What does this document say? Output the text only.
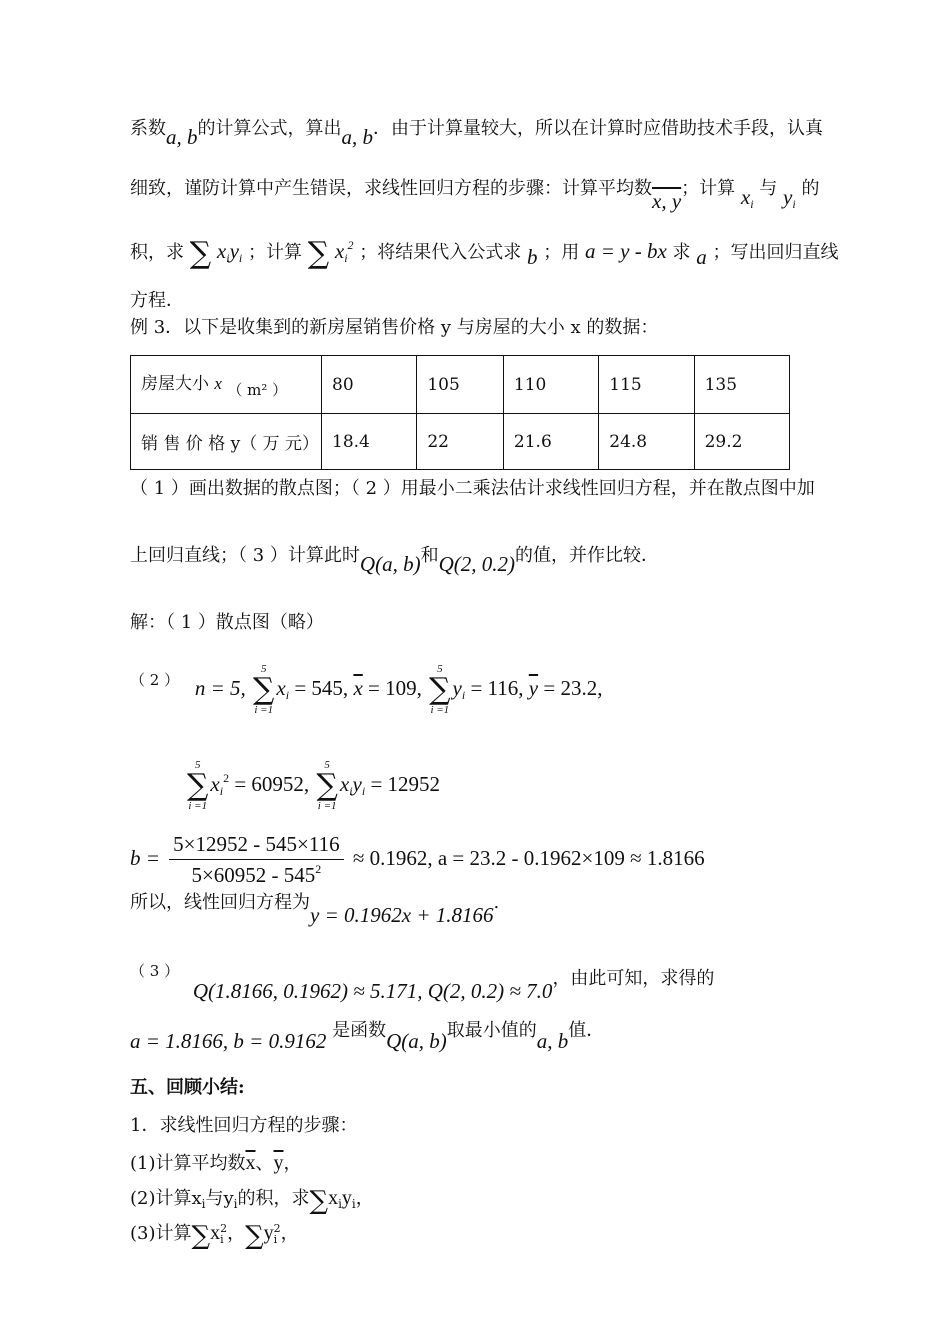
系数a, b的计算公式，算出a, b．由于计算量较大，所以在计算时应借助技术手段，认真
细致，谨防计算中产生错误，求线性回归方程的步骤：计算平均数x, y；计算 $x_i$ 与 $y_i$ 的
积，求 ∑ $x_iy_i$ ；计算 ∑ $x_i^2$ ；将结果代入公式求 b ；用 a = y - bx 求 a ；写出回归直线
方程．
例 3．以下是收集到的新房屋销售价格 y 与房屋的大小 x 的数据：
房屋大小 x （ m² ）	80	105	110	115	135
销 售 价 格 y（ 万 元）	18.4	22	21.6	24.8	29.2
（ 1 ）画出数据的散点图；（ 2 ）用最小二乘法估计求线性回归方程，并在散点图中加
上回归直线；（ 3 ）计算此时Q(a, b)和Q(2, 0.2)的值，并作比较．
解：（ 1 ）散点图（略）
$^{( 2 )}$ n = 5,
5
∑
i =1
$x_i = 545$, $\overline{x} = 109$,
5
∑
i =1
$y_i = 116$, $\overline{y} = 23.2$,
5
∑
i =1
$x_i^2 = 60952$,
5
∑
i =1
$x_iy_i = 12952$
$b = \frac{5\times 12952 - 545\times 116}{5\times 60952 - 545^2} \approx 0.1962$, a = 23.2 - 0.1962×109 ≈ 1.8166
所以，线性回归方程为y = 0.1962x + 1.8166.
$^{( 3 )}$ Q(1.8166, 0.1962) ≈ 5.171, Q(2, 0.2) ≈ 7.0，由此可知，求得的
a = 1.8166, b = 0.9162 是函数Q(a, b)取最小值的a, b值．
五、回顾小结:
1．求线性回归方程的步骤：
(1)计算平均数$\overline{x}$、$\overline{y}$，
(2)计算$x_i$与$y_i$的积，求$\sum x_iy_i$，
(3)计算∑x 2
i ，∑y 2
i ，
